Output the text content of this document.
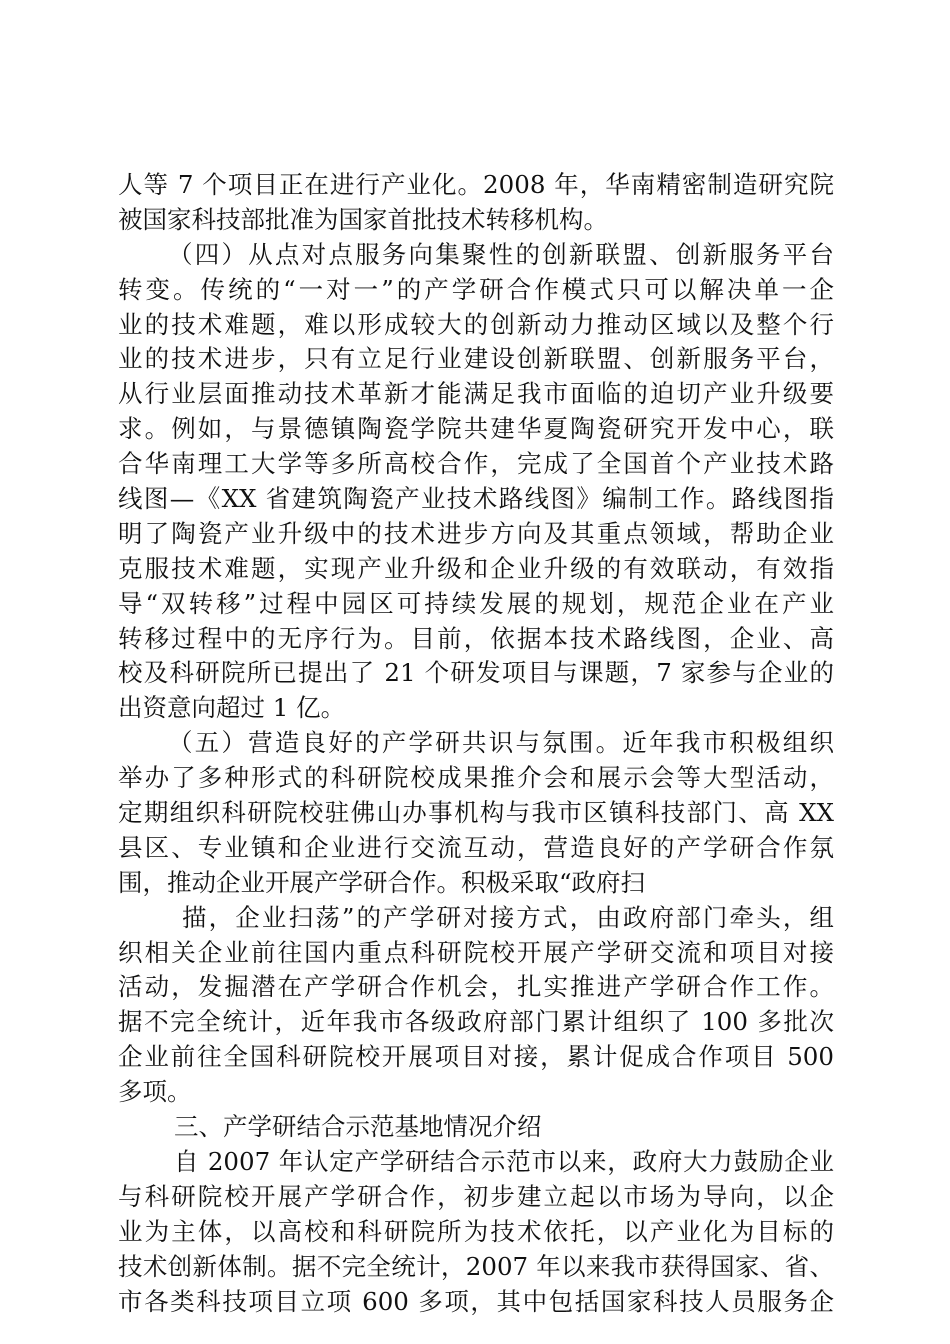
人等 7 个项目正在进行产业化。2008 年，华南精密制造研究院
被国家科技部批准为国家首批技术转移机构。
（四）从点对点服务向集聚性的创新联盟、创新服务平台
转变。传统的“一对一”的产学研合作模式只可以解决单一企
业的技术难题，难以形成较大的创新动力推动区域以及整个行
业的技术进步，只有立足行业建设创新联盟、创新服务平台，
从行业层面推动技术革新才能满足我市面临的迫切产业升级要
求。例如，与景德镇陶瓷学院共建华夏陶瓷研究开发中心，联
合华南理工大学等多所高校合作，完成了全国首个产业技术路
线图—《XX 省建筑陶瓷产业技术路线图》编制工作。路线图指
明了陶瓷产业升级中的技术进步方向及其重点领域，帮助企业
克服技术难题，实现产业升级和企业升级的有效联动，有效指
导“双转移”过程中园区可持续发展的规划，规范企业在产业
转移过程中的无序行为。目前，依据本技术路线图，企业、高
校及科研院所已提出了 21 个研发项目与课题，7 家参与企业的
出资意向超过 1 亿。
（五）营造良好的产学研共识与氛围。近年我市积极组织
举办了多种形式的科研院校成果推介会和展示会等大型活动，
定期组织科研院校驻佛山办事机构与我市区镇科技部门、高 XX
县区、专业镇和企业进行交流互动，营造良好的产学研合作氛
围，推动企业开展产学研合作。积极采取“政府扫
描，企业扫荡”的产学研对接方式，由政府部门牵头，组
织相关企业前往国内重点科研院校开展产学研交流和项目对接
活动，发掘潜在产学研合作机会，扎实推进产学研合作工作。
据不完全统计，近年我市各级政府部门累计组织了 100 多批次
企业前往全国科研院校开展项目对接，累计促成合作项目 500
多项。
三、产学研结合示范基地情况介绍
自 2007 年认定产学研结合示范市以来，政府大力鼓励企业
与科研院校开展产学研合作，初步建立起以市场为导向，以企
业为主体，以高校和科研院所为技术依托，以产业化为目标的
技术创新体制。据不完全统计，2007 年以来我市获得国家、省、
市各类科技项目立项 600 多项，其中包括国家科技人员服务企
